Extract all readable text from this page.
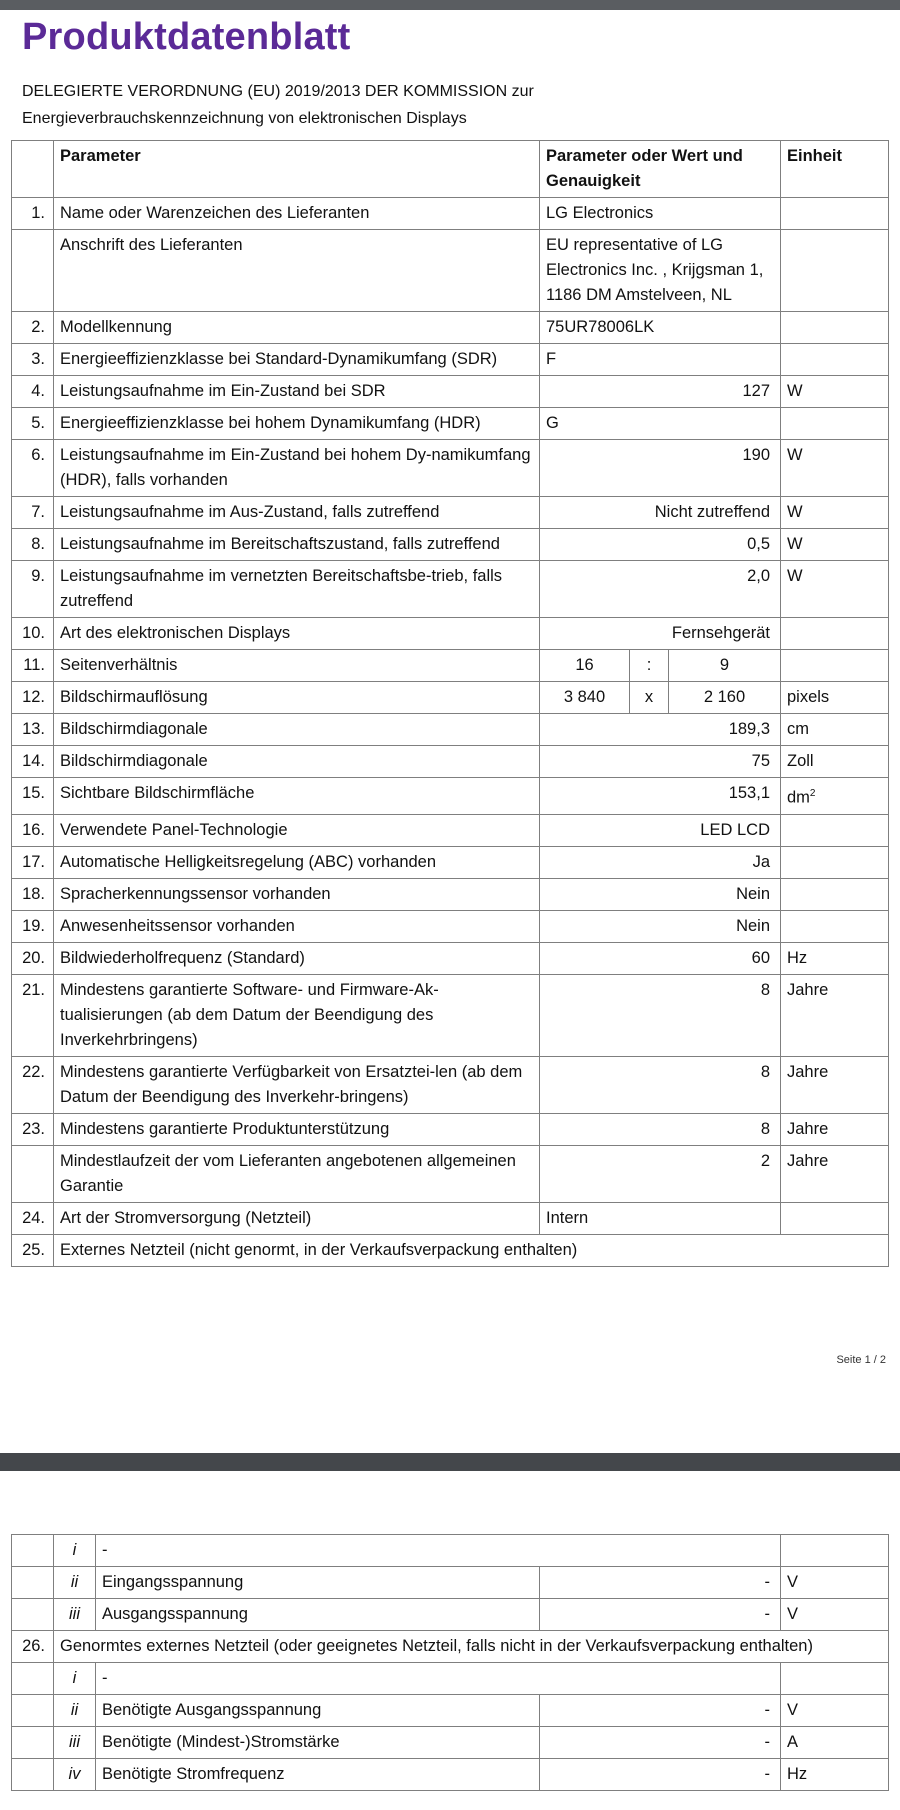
Produktdatenblatt
DELEGIERTE VERORDNUNG (EU) 2019/2013 DER KOMMISSION zur
Energieverbrauchskennzeichnung von elektronischen Displays
	Parameter	Parameter oder Wert und Genauigkeit			Einheit
1.	Name oder Warenzeichen des Lieferanten	LG Electronics			
	Anschrift des Lieferanten	EU representative of LG Electronics Inc. , Krijgsman 1, 1186 DM Amstelveen, NL			
2.	Modellkennung	75UR78006LK			
3.	Energieeffizienzklasse bei Standard-Dynamikumfang (SDR)	F			
4.	Leistungsaufnahme im Ein-Zustand bei SDR	127			W
5.	Energieeffizienzklasse bei hohem Dynamikumfang (HDR)	G			
6.	Leistungsaufnahme im Ein-Zustand bei hohem Dy-namikumfang (HDR), falls vorhanden	190			W
7.	Leistungsaufnahme im Aus-Zustand, falls zutreffend	Nicht zutreffend			W
8.	Leistungsaufnahme im Bereitschaftszustand, falls zutreffend	0,5			W
9.	Leistungsaufnahme im vernetzten Bereitschaftsbe-trieb, falls zutreffend	2,0			W
10.	Art des elektronischen Displays	Fernsehgerät			
11.	Seitenverhältnis	16	:	9	
12.	Bildschirmauflösung	3 840	x	2 160	pixels
13.	Bildschirmdiagonale	189,3			cm
14.	Bildschirmdiagonale	75			Zoll
15.	Sichtbare Bildschirmfläche	153,1			$dm^2$
16.	Verwendete Panel-Technologie	LED LCD			
17.	Automatische Helligkeitsregelung (ABC) vorhanden	Ja			
18.	Spracherkennungssensor vorhanden	Nein			
19.	Anwesenheitssensor vorhanden	Nein			
20.	Bildwiederholfrequenz (Standard)	60			Hz
21.	Mindestens garantierte Software- und Firmware-Ak-tualisierungen (ab dem Datum der Beendigung des Inverkehrbringens)	8			Jahre
22.	Mindestens garantierte Verfügbarkeit von Ersatztei-len (ab dem Datum der Beendigung des Inverkehr-bringens)	8			Jahre
23.	Mindestens garantierte Produktunterstützung	8			Jahre
	Mindestlaufzeit der vom Lieferanten angebotenen allgemeinen Garantie	2			Jahre
24.	Art der Stromversorgung (Netzteil)	Intern			
25.	Externes Netzteil (nicht genormt, in der Verkaufsverpackung enthalten)				
Seite 1 / 2
	i	-		
	ii	Eingangsspannung	-	V
	iii	Ausgangsspannung	-	V
26.	Genormtes externes Netzteil (oder geeignetes Netzteil, falls nicht in der Verkaufsverpackung enthalten)			
	i	-		
	ii	Benötigte Ausgangsspannung	-	V
	iii	Benötigte (Mindest-)Stromstärke	-	A
	iv	Benötigte Stromfrequenz	-	Hz
